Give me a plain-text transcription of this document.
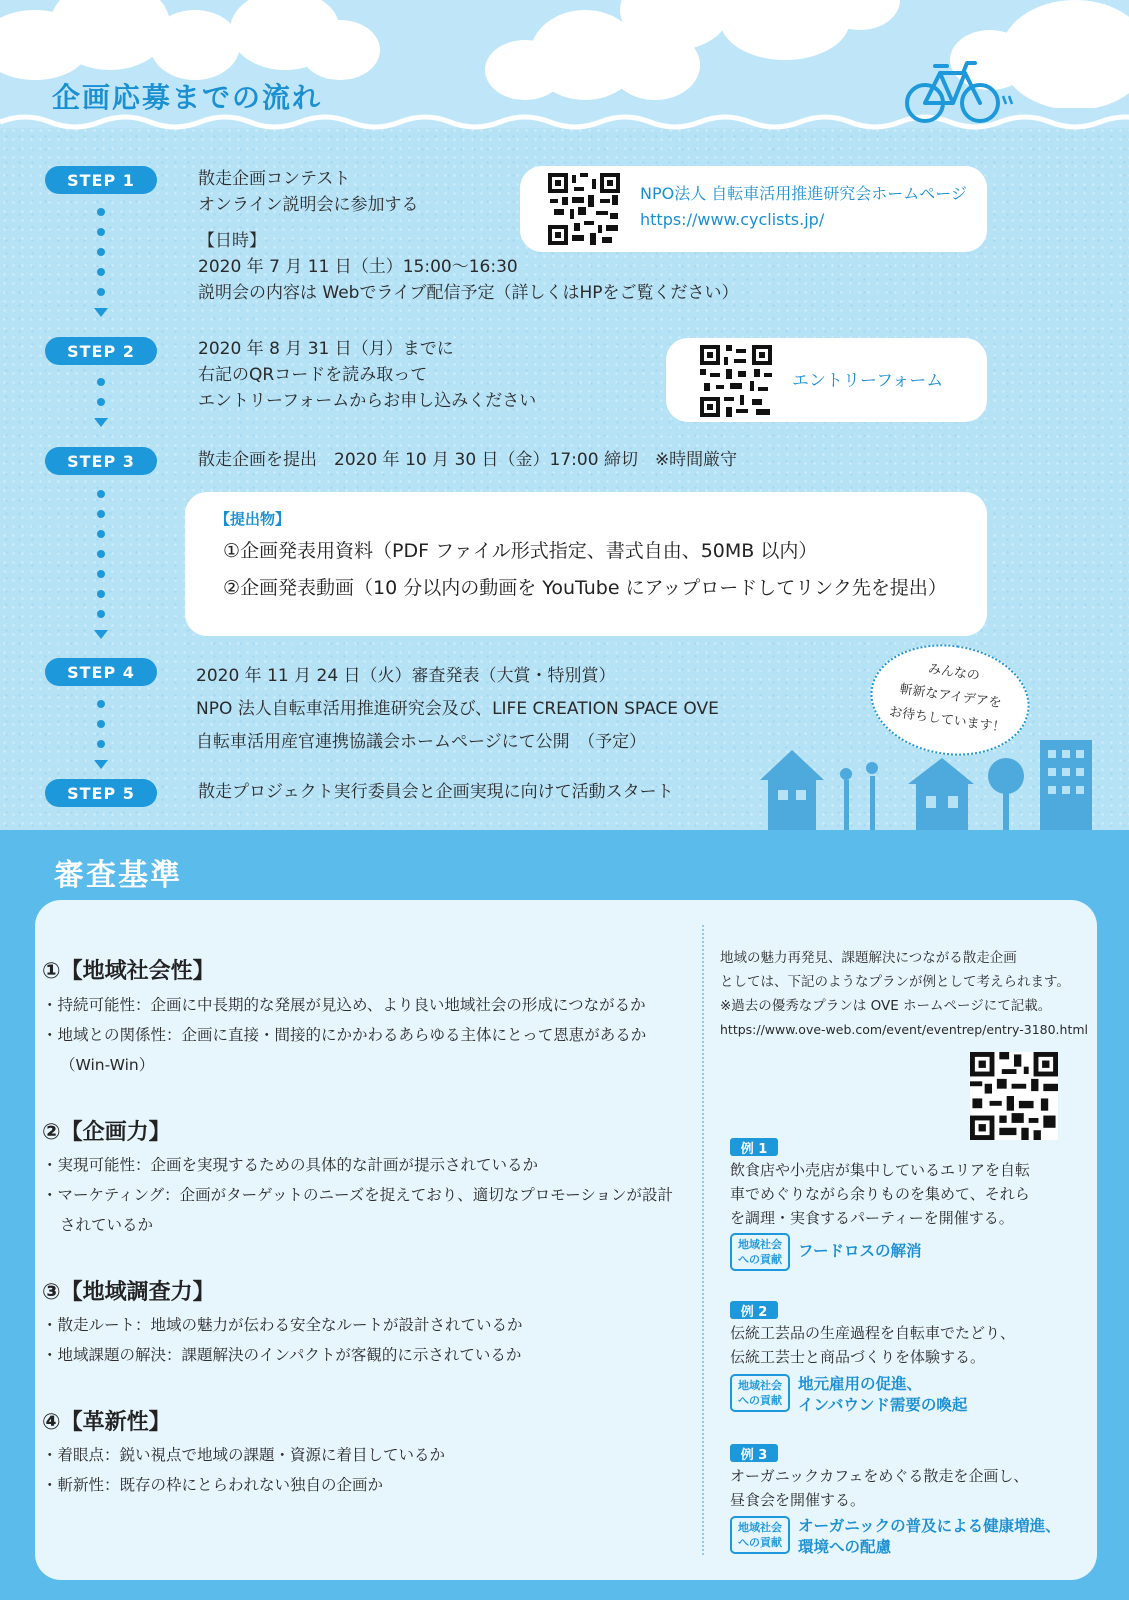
企画応募までの流れ
STEP 1	散走企画コンテスト
オンライン説明会に参加する
【日時】
2020 年 7 月 11 日（土）15:00〜16:30
説明会の内容は Webでライブ配信予定（詳しくはHPをご覧ください）
NPO法人 自転車活用推進研究会ホームページ
https://www.cyclists.jp/
STEP 2	2020 年 8 月 31 日（月）までに
右記のQRコードを読み取って
エントリーフォームからお申し込みください
エントリーフォーム
STEP 3	散走企画を提出　2020 年 10 月 30 日（金）17:00 締切　※時間厳守
【提出物】
①企画発表用資料（PDF ファイル形式指定、書式自由、50MB 以内）
②企画発表動画（10 分以内の動画を YouTube にアップロードしてリンク先を提出）
STEP 4	2020 年 11 月 24 日（火）審査発表（大賞・特別賞）
NPO 法人自転車活用推進研究会及び、LIFE CREATION SPACE OVE
自転車活用産官連携協議会ホームページにて公開　（予定）
STEP 5	散走プロジェクト実行委員会と企画実現に向けて活動スタート
みんなの
斬新なアイデアを
お待ちしています！
審査基準
①【地域社会性】
・持続可能性：企画に中長期的な発展が見込め、より良い地域社会の形成につながるか
・地域との関係性：企画に直接・間接的にかかわるあらゆる主体にとって恩恵があるか
（Win-Win）
②【企画力】
・実現可能性：企画を実現するための具体的な計画が提示されているか
・マーケティング：企画がターゲットのニーズを捉えており、適切なプロモーションが設計
されているか
③【地域調査力】
・散走ルート：地域の魅力が伝わる安全なルートが設計されているか
・地域課題の解決：課題解決のインパクトが客観的に示されているか
④【革新性】
・着眼点：鋭い視点で地域の課題・資源に着目しているか
・斬新性：既存の枠にとらわれない独自の企画か
地域の魅力再発見、課題解決につながる散走企画
としては、下記のようなプランが例として考えられます。
※過去の優秀なプランは OVE ホームページにて記載。
https://www.ove-web.com/event/eventrep/entry-3180.html
例 1
飲食店や小売店が集中しているエリアを自転
車でめぐりながら余りものを集めて、それら
を調理・実食するパーティーを開催する。
地域社会
への貢献 フードロスの解消
例 2
伝統工芸品の生産過程を自転車でたどり、
伝統工芸士と商品づくりを体験する。
地域社会
への貢献
地元雇用の促進、
インバウンド需要の喚起
例 3
オーガニックカフェをめぐる散走を企画し、
昼食会を開催する。
地域社会
への貢献
オーガニックの普及による健康増進、
環境への配慮
